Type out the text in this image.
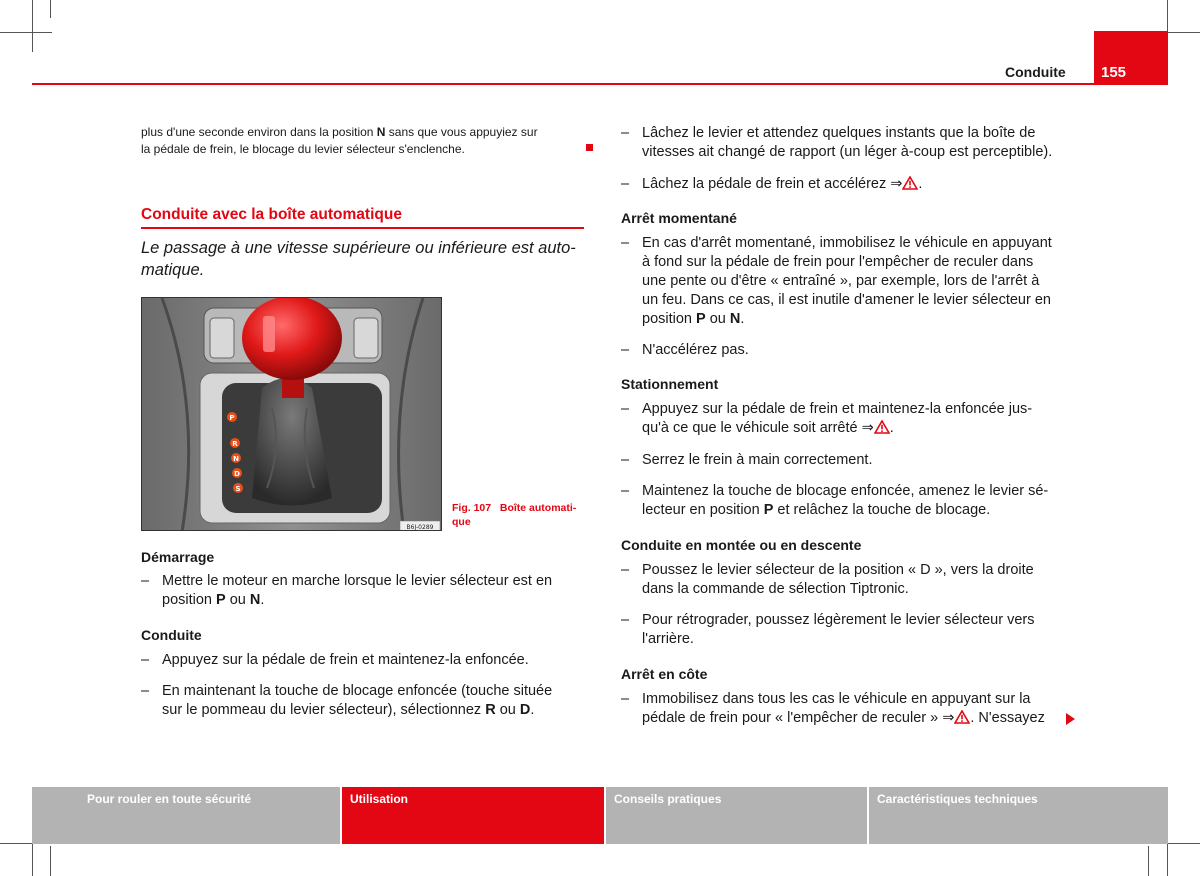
Conduite	155
plus d'une seconde environ dans la position N sans que vous appuyiez sur
la pédale de frein, le blocage du levier sélecteur s'enclenche.
Conduite avec la boîte automatique
Le passage à une vitesse supérieure ou inférieure est auto-
matique.
P
R
N
D
S
B6J-0289
Fig. 107 Boîte automati-
que
Démarrage
– Mettre le moteur en marche lorsque le levier sélecteur est en
position P ou N.
Conduite
– Appuyez sur la pédale de frein et maintenez-la enfoncée.
– En maintenant la touche de blocage enfoncée (touche située
sur le pommeau du levier sélecteur), sélectionnez R ou D.
– Lâchez le levier et attendez quelques instants que la boîte de
vitesses ait changé de rapport (un léger à-coup est perceptible).
– Lâchez la pédale de frein et accélérez ⇒ .
Arrêt momentané
– En cas d'arrêt momentané, immobilisez le véhicule en appuyant
à fond sur la pédale de frein pour l'empêcher de reculer dans
une pente ou d'être « entraîné », par exemple, lors de l'arrêt à
un feu. Dans ce cas, il est inutile d'amener le levier sélecteur en
position P ou N.
– N'accélérez pas.
Stationnement
– Appuyez sur la pédale de frein et maintenez-la enfoncée jus-
qu'à ce que le véhicule soit arrêté ⇒ .
– Serrez le frein à main correctement.
– Maintenez la touche de blocage enfoncée, amenez le levier sé-
lecteur en position P et relâchez la touche de blocage.
Conduite en montée ou en descente
– Poussez le levier sélecteur de la position « D », vers la droite
dans la commande de sélection Tiptronic.
– Pour rétrograder, poussez légèrement le levier sélecteur vers
l'arrière.
Arrêt en côte
– Immobilisez dans tous les cas le véhicule en appuyant sur la
pédale de frein pour « l'empêcher de reculer » ⇒ . N'essayez
Pour rouler en toute sécurité	Utilisation	Conseils pratiques	Caractéristiques techniques
